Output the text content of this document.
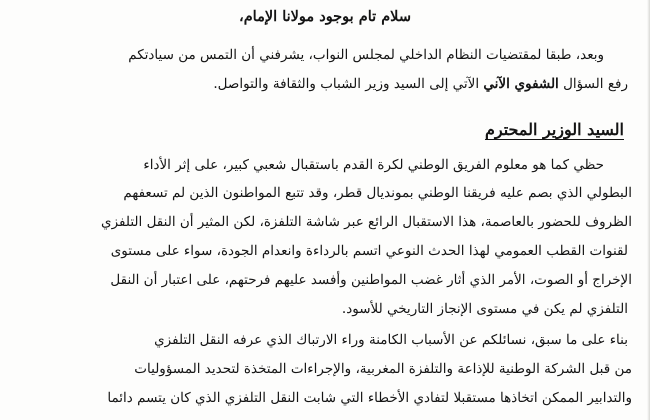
سلام تام بوجود مولانا الإمام،
وبعد، طبقا لمقتضيات النظام الداخلي لمجلس النواب، يشرفني أن التمس من سيادتكم
رفع السؤال الشفوي الآني الآتي إلى السيد وزير الشباب والثقافة والتواصل.
السيد الوزير المحترم
حظي كما هو معلوم الفريق الوطني لكرة القدم باستقبال شعبي كبير، على إثر الأداء
البطولي الذي بصم عليه فريقنا الوطني بمونديال قطر، وقد تتبع المواطنون الذين لم تسعفهم
الظروف للحضور بالعاصمة، هذا الاستقبال الرائع عبر شاشة التلفزة، لكن المثير أن النقل التلفزي
لقنوات القطب العمومي لهذا الحدث النوعي اتسم بالرداءة وانعدام الجودة، سواء على مستوى
الإخراج أو الصوت، الأمر الذي أثار غضب المواطنين وأفسد عليهم فرحتهم، على اعتبار أن النقل
التلفزي لم يكن في مستوى الإنجاز التاريخي للأسود.
بناء على ما سبق، نسائلكم عن الأسباب الكامنة وراء الارتباك الذي عرفه النقل التلفزي
من قبل الشركة الوطنية للإذاعة والتلفزة المغربية، والإجراءات المتخذة لتحديد المسؤوليات
والتدابير الممكن اتخاذها مستقبلا لتفادي الأخطاء التي شابت النقل التلفزي الذي كان يتسم دائما
